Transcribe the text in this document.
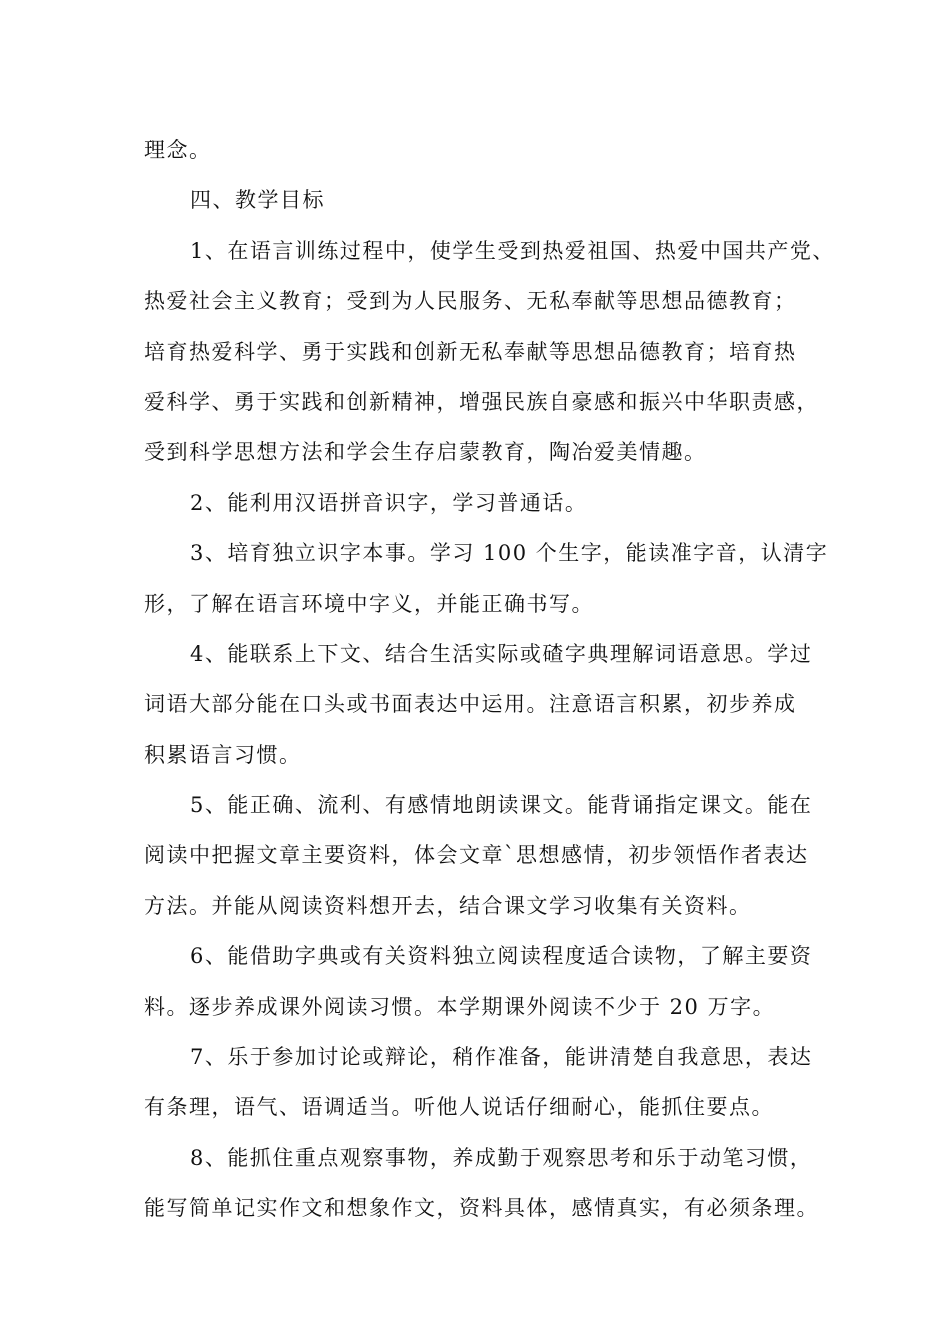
理念。
四、教学目标
1、在语言训练过程中，使学生受到热爱祖国、热爱中国共产党、
热爱社会主义教育；受到为人民服务、无私奉献等思想品德教育；
培育热爱科学、勇于实践和创新无私奉献等思想品德教育；培育热
爱科学、勇于实践和创新精神，增强民族自豪感和振兴中华职责感，
受到科学思想方法和学会生存启蒙教育，陶冶爱美情趣。
2、能利用汉语拼音识字，学习普通话。
3、培育独立识字本事。学习 100 个生字，能读准字音，认清字
形，了解在语言环境中字义，并能正确书写。
4、能联系上下文、结合生活实际或碴字典理解词语意思。学过
词语大部分能在口头或书面表达中运用。注意语言积累，初步养成
积累语言习惯。
5、能正确、流利、有感情地朗读课文。能背诵指定课文。能在
阅读中把握文章主要资料，体会文章`思想感情，初步领悟作者表达
方法。并能从阅读资料想开去，结合课文学习收集有关资料。
6、能借助字典或有关资料独立阅读程度适合读物，了解主要资
料。逐步养成课外阅读习惯。本学期课外阅读不少于 20 万字。
7、乐于参加讨论或辩论，稍作准备，能讲清楚自我意思，表达
有条理，语气、语调适当。听他人说话仔细耐心，能抓住要点。
8、能抓住重点观察事物，养成勤于观察思考和乐于动笔习惯，
能写简单记实作文和想象作文，资料具体，感情真实，有必须条理。
